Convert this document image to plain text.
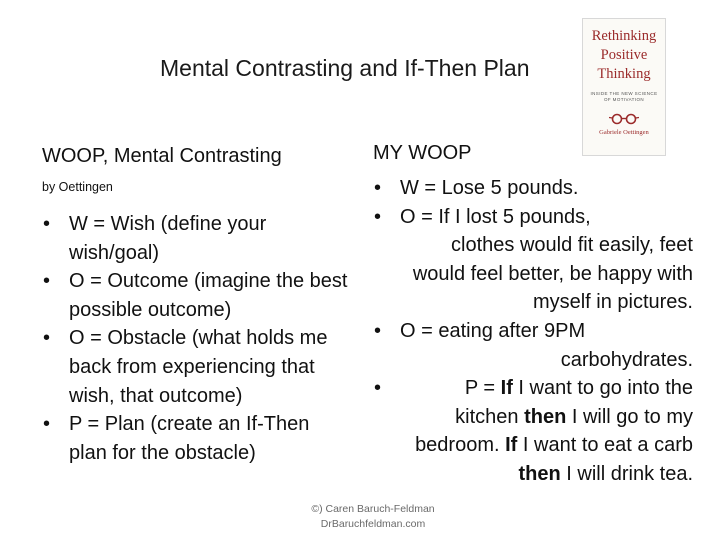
Mental Contrasting and If-Then Plan
Rethinking
Positive
Thinking
INSIDE THE NEW SCIENCE
OF MOTIVATION
Gabriele Oettingen
WOOP, Mental Contrasting
by Oettingen
• W = Wish (define your wish/goal)
• O = Outcome (imagine the best possible outcome)
• O = Obstacle (what holds me back from experiencing that wish, that outcome)
• P = Plan (create an If-Then plan for the obstacle)
MY WOOP
• W = Lose 5 pounds.
• O = If I lost 5 pounds,

clothes would fit easily, feet would feel better, be happy with myself in pictures.
• O = eating after 9PM

carbohydrates.
• P = If I want to go into the kitchen then I will go to my bedroom. If I want to eat a carb then I will drink tea.
©) Caren Baruch-Feldman
DrBaruchfeldman.com
